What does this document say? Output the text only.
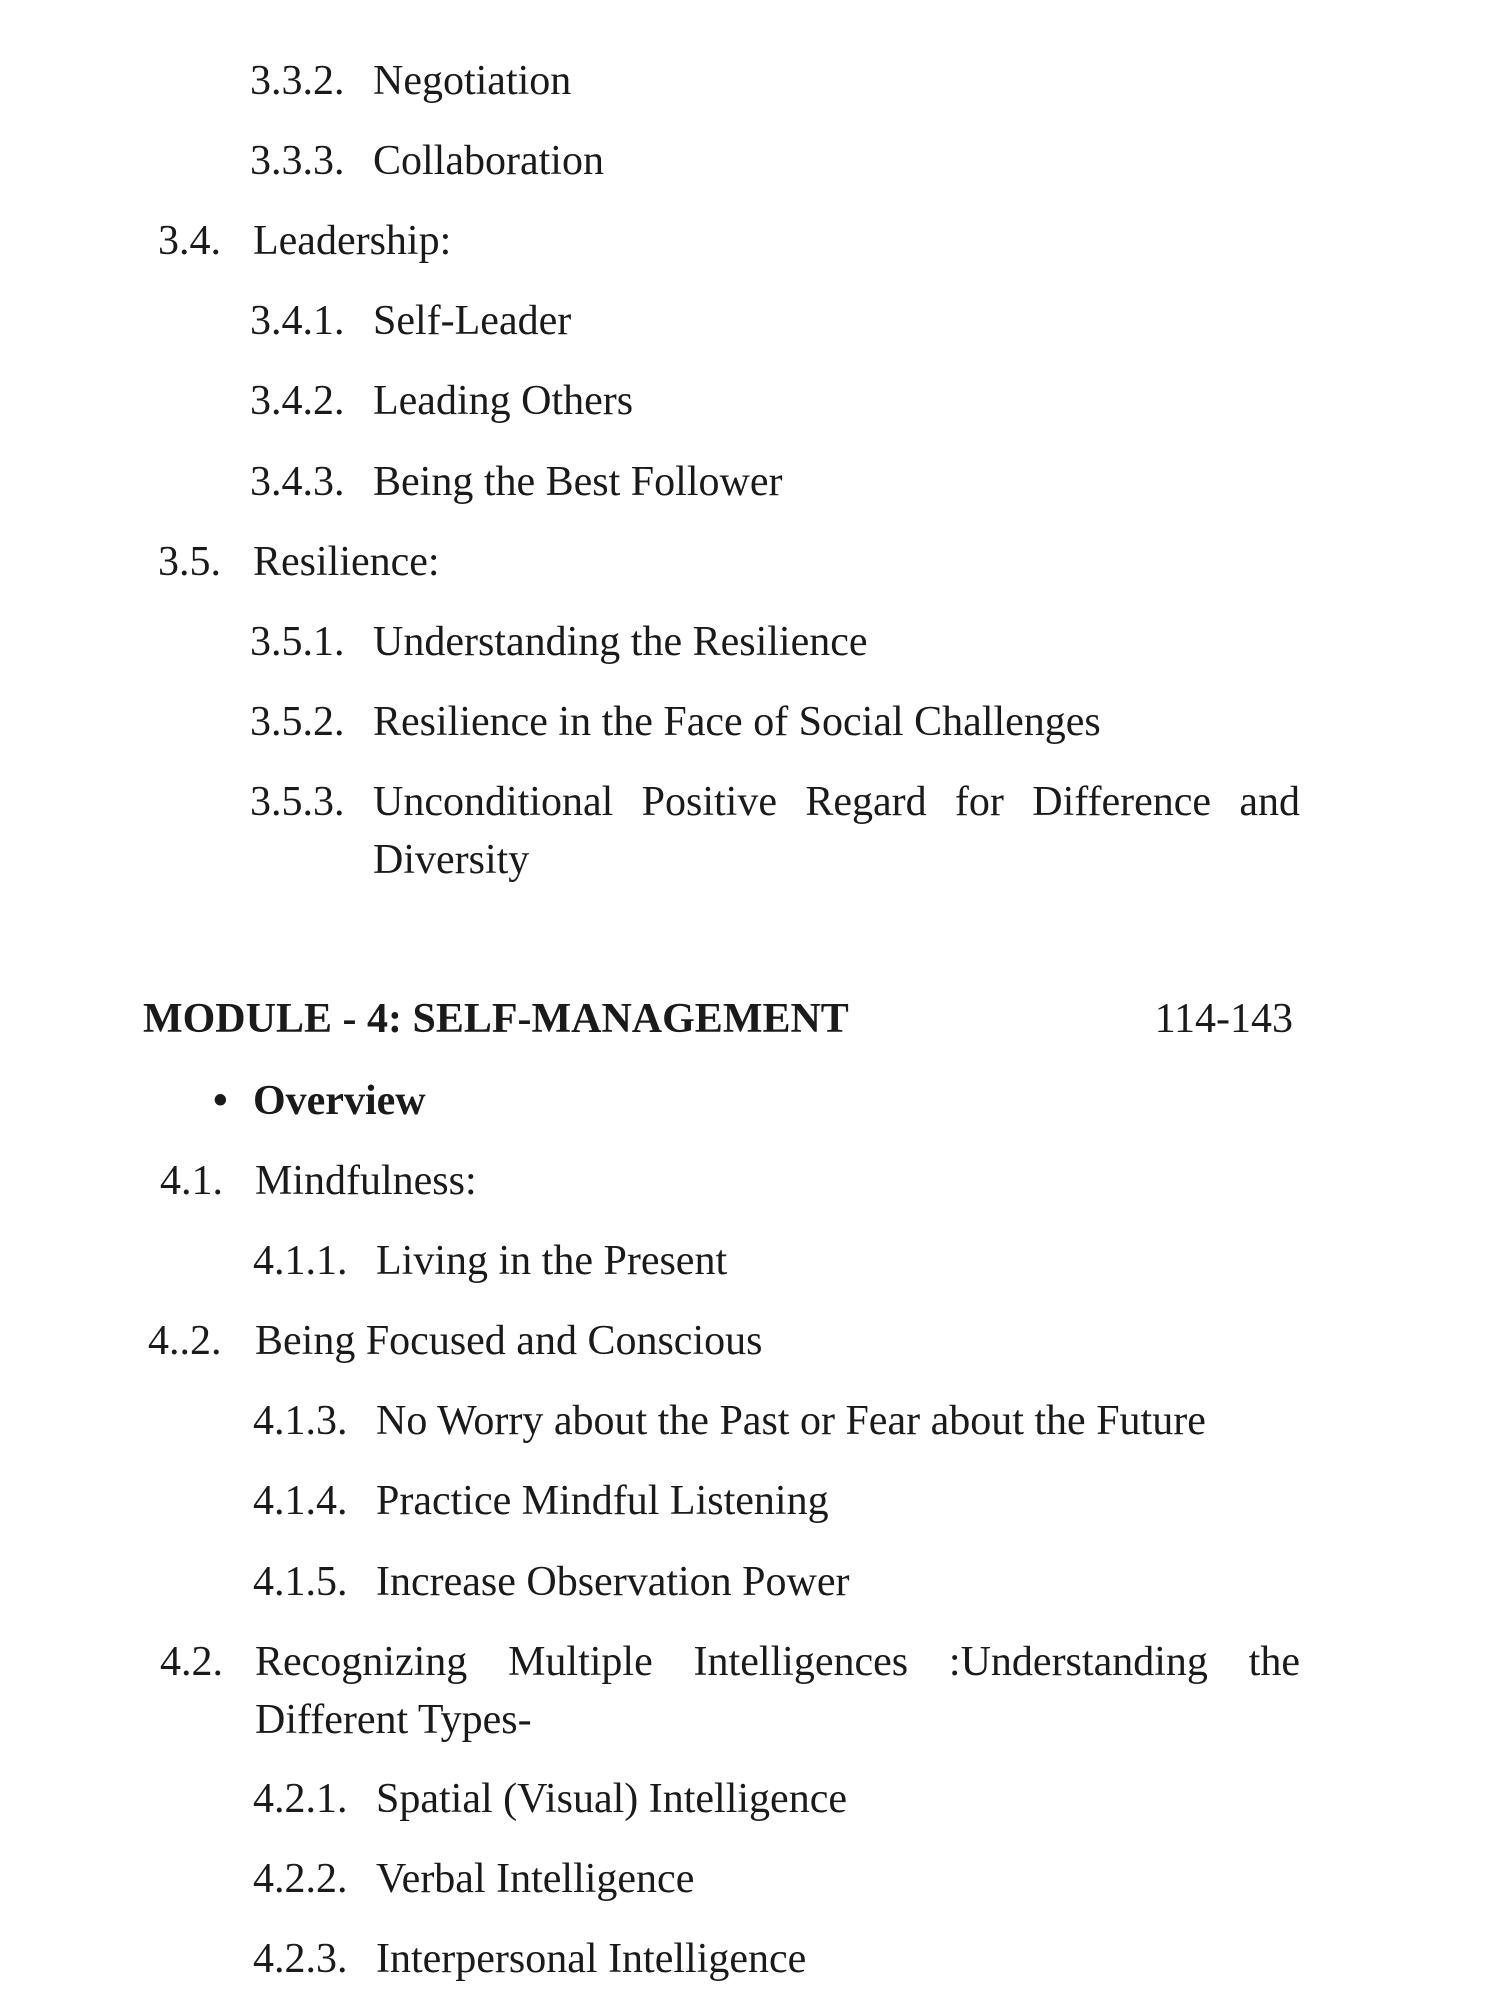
3.3.2. Negotiation
3.3.3. Collaboration
3.4. Leadership:
3.4.1. Self-Leader
3.4.2. Leading Others
3.4.3. Being the Best Follower
3.5. Resilience:
3.5.1. Understanding the Resilience
3.5.2. Resilience in the Face of Social Challenges
3.5.3. Unconditional Positive Regard for Difference and Diversity
MODULE - 4: SELF-MANAGEMENT	114-143
• Overview
4.1. Mindfulness:
4.1.1. Living in the Present
4..2. Being Focused and Conscious
4.1.3. No Worry about the Past or Fear about the Future
4.1.4. Practice Mindful Listening
4.1.5. Increase Observation Power
4.2. Recognizing Multiple Intelligences :Understanding the Different Types-
4.2.1. Spatial (Visual) Intelligence
4.2.2. Verbal Intelligence
4.2.3. Interpersonal Intelligence
